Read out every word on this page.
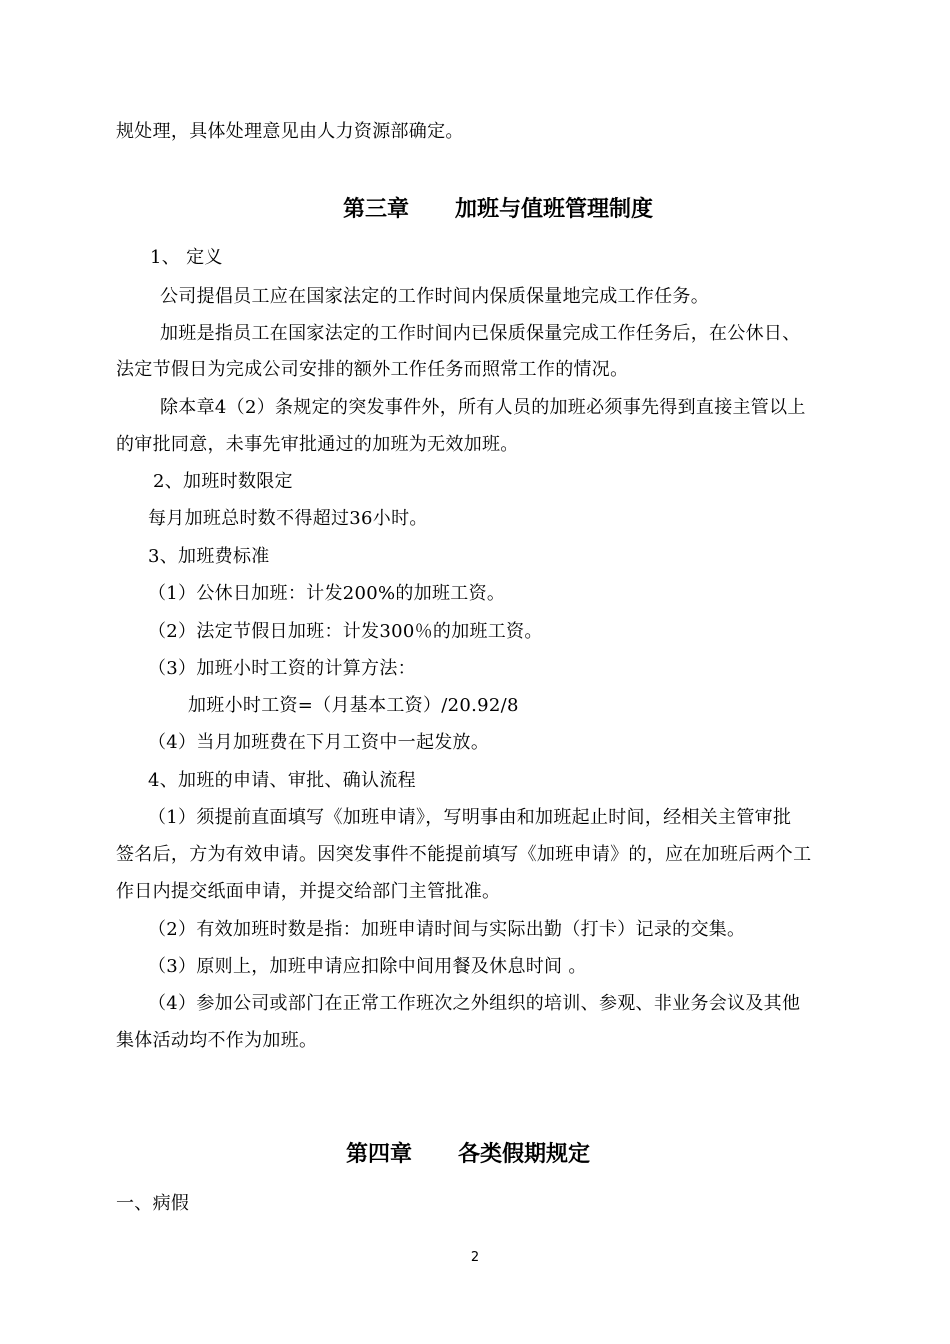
规处理，具体处理意见由人力资源部确定。
第三章 加班与值班管理制度
1、 定义
公司提倡员工应在国家法定的工作时间内保质保量地完成工作任务。
加班是指员工在国家法定的工作时间内已保质保量完成工作任务后，在公休日、
法定节假日为完成公司安排的额外工作任务而照常工作的情况。
除本章4（2）条规定的突发事件外，所有人员的加班必须事先得到直接主管以上
的审批同意，未事先审批通过的加班为无效加班。
2、加班时数限定
每月加班总时数不得超过36小时。
3、加班费标准
（1）公休日加班：计发200%的加班工资。
（2）法定节假日加班：计发300％的加班工资。
（3）加班小时工资的计算方法：
加班小时工资=（月基本工资）/20.92/8
（4）当月加班费在下月工资中一起发放。
4、加班的申请、审批、确认流程
（1）须提前直面填写《加班申请》，写明事由和加班起止时间，经相关主管审批
签名后，方为有效申请。因突发事件不能提前填写《加班申请》的，应在加班后两个工
作日内提交纸面申请，并提交给部门主管批准。
（2）有效加班时数是指：加班申请时间与实际出勤（打卡）记录的交集。
（3）原则上，加班申请应扣除中间用餐及休息时间 。
（4）参加公司或部门在正常工作班次之外组织的培训、参观、非业务会议及其他
集体活动均不作为加班。
第四章 各类假期规定
一、病假
2
